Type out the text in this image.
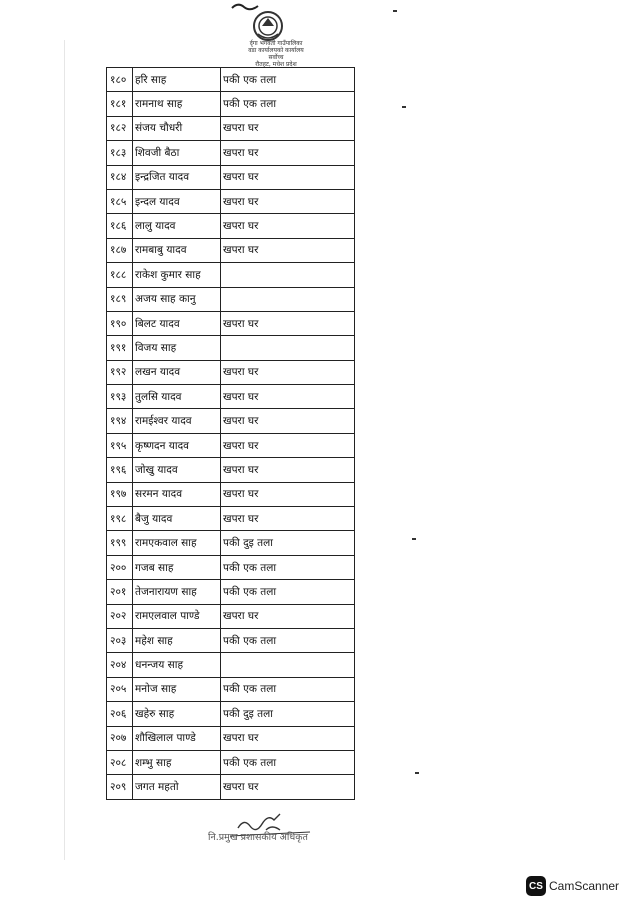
र्दृगा भगवती गाउँपालिका
वडा कार्यालयको कार्यालय
सर्वोच्च
रौतहट, मधेश प्रदेश
१८०	हरि साह	पकी एक तला
१८१	रामनाथ साह	पकी एक तला
१८२	संजय चौधरी	खपरा घर
१८३	शिवजी बैठा	खपरा घर
१८४	इन्द्रजित यादव	खपरा घर
१८५	इन्दल यादव	खपरा घर
१८६	लालु यादव	खपरा घर
१८७	रामबाबु यादव	खपरा घर
१८८	राकेश कुमार साह	
१८९	अजय साह कानु	
१९०	बिलट यादव	खपरा घर
१९१	विजय साह	
१९२	लखन यादव	खपरा घर
१९३	तुलसि यादव	खपरा घर
१९४	रामईश्वर यादव	खपरा घर
१९५	कृष्णदन यादव	खपरा घर
१९६	जोखु यादव	खपरा घर
१९७	सरमन यादव	खपरा घर
१९८	बैजु यादव	खपरा घर
१९९	रामएकवाल साह	पकी दुइ तला
२००	गजब साह	पकी एक तला
२०१	तेजनारायण साह	पकी एक तला
२०२	रामएलवाल पाण्डे	खपरा घर
२०३	महेश साह	पकी एक तला
२०४	धनन्जय साह	
२०५	मनोज साह	पकी एक तला
२०६	खहेरु साह	पकी दुइ तला
२०७	शौखिलाल पाण्डे	खपरा घर
२०८	शम्भु साह	पकी एक तला
२०९	जगत महतो	खपरा घर
नि.प्रमुख प्रशासकीय अधिकृत
CS CamScanner
